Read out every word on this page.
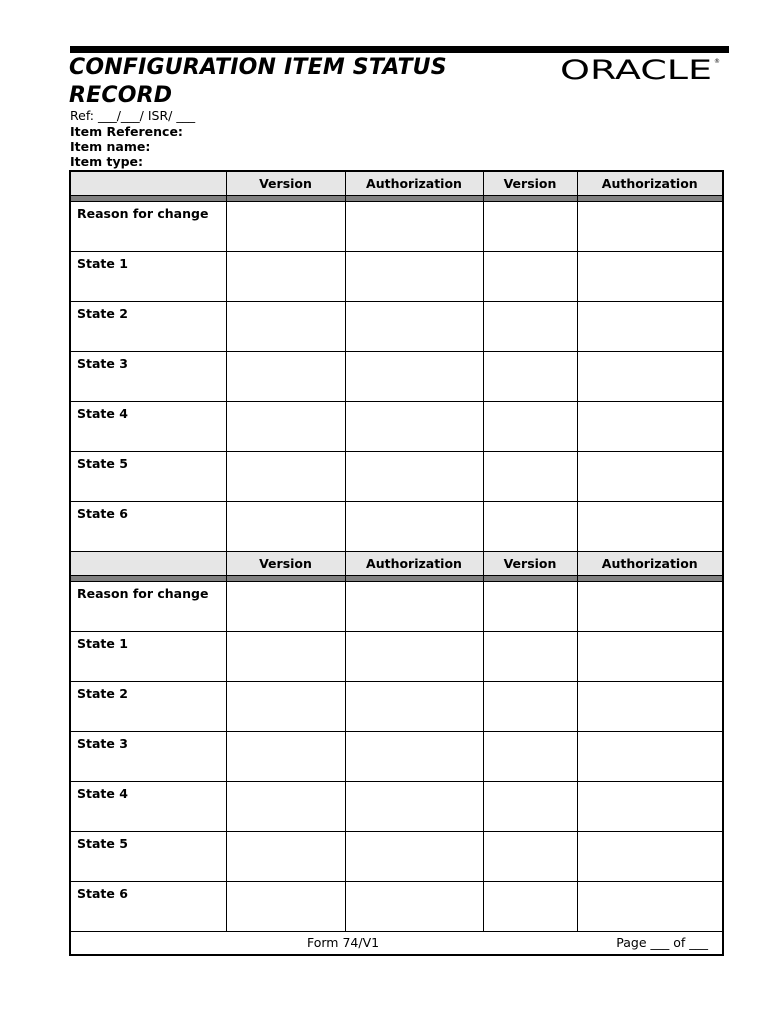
CONFIGURATION ITEM STATUS
RECORD
ORACLE ®
Ref: ___/___/ ISR/ ___
Item Reference:
Item name:
Item type:
	Version	Authorization	Version	Authorization

Reason for change				
State 1				
State 2				
State 3				
State 4				
State 5				
State 6				
	Version	Authorization	Version	Authorization

Reason for change				
State 1				
State 2				
State 3				
State 4				
State 5				
State 6				

Form 74/V1 Page ___ of ___				
